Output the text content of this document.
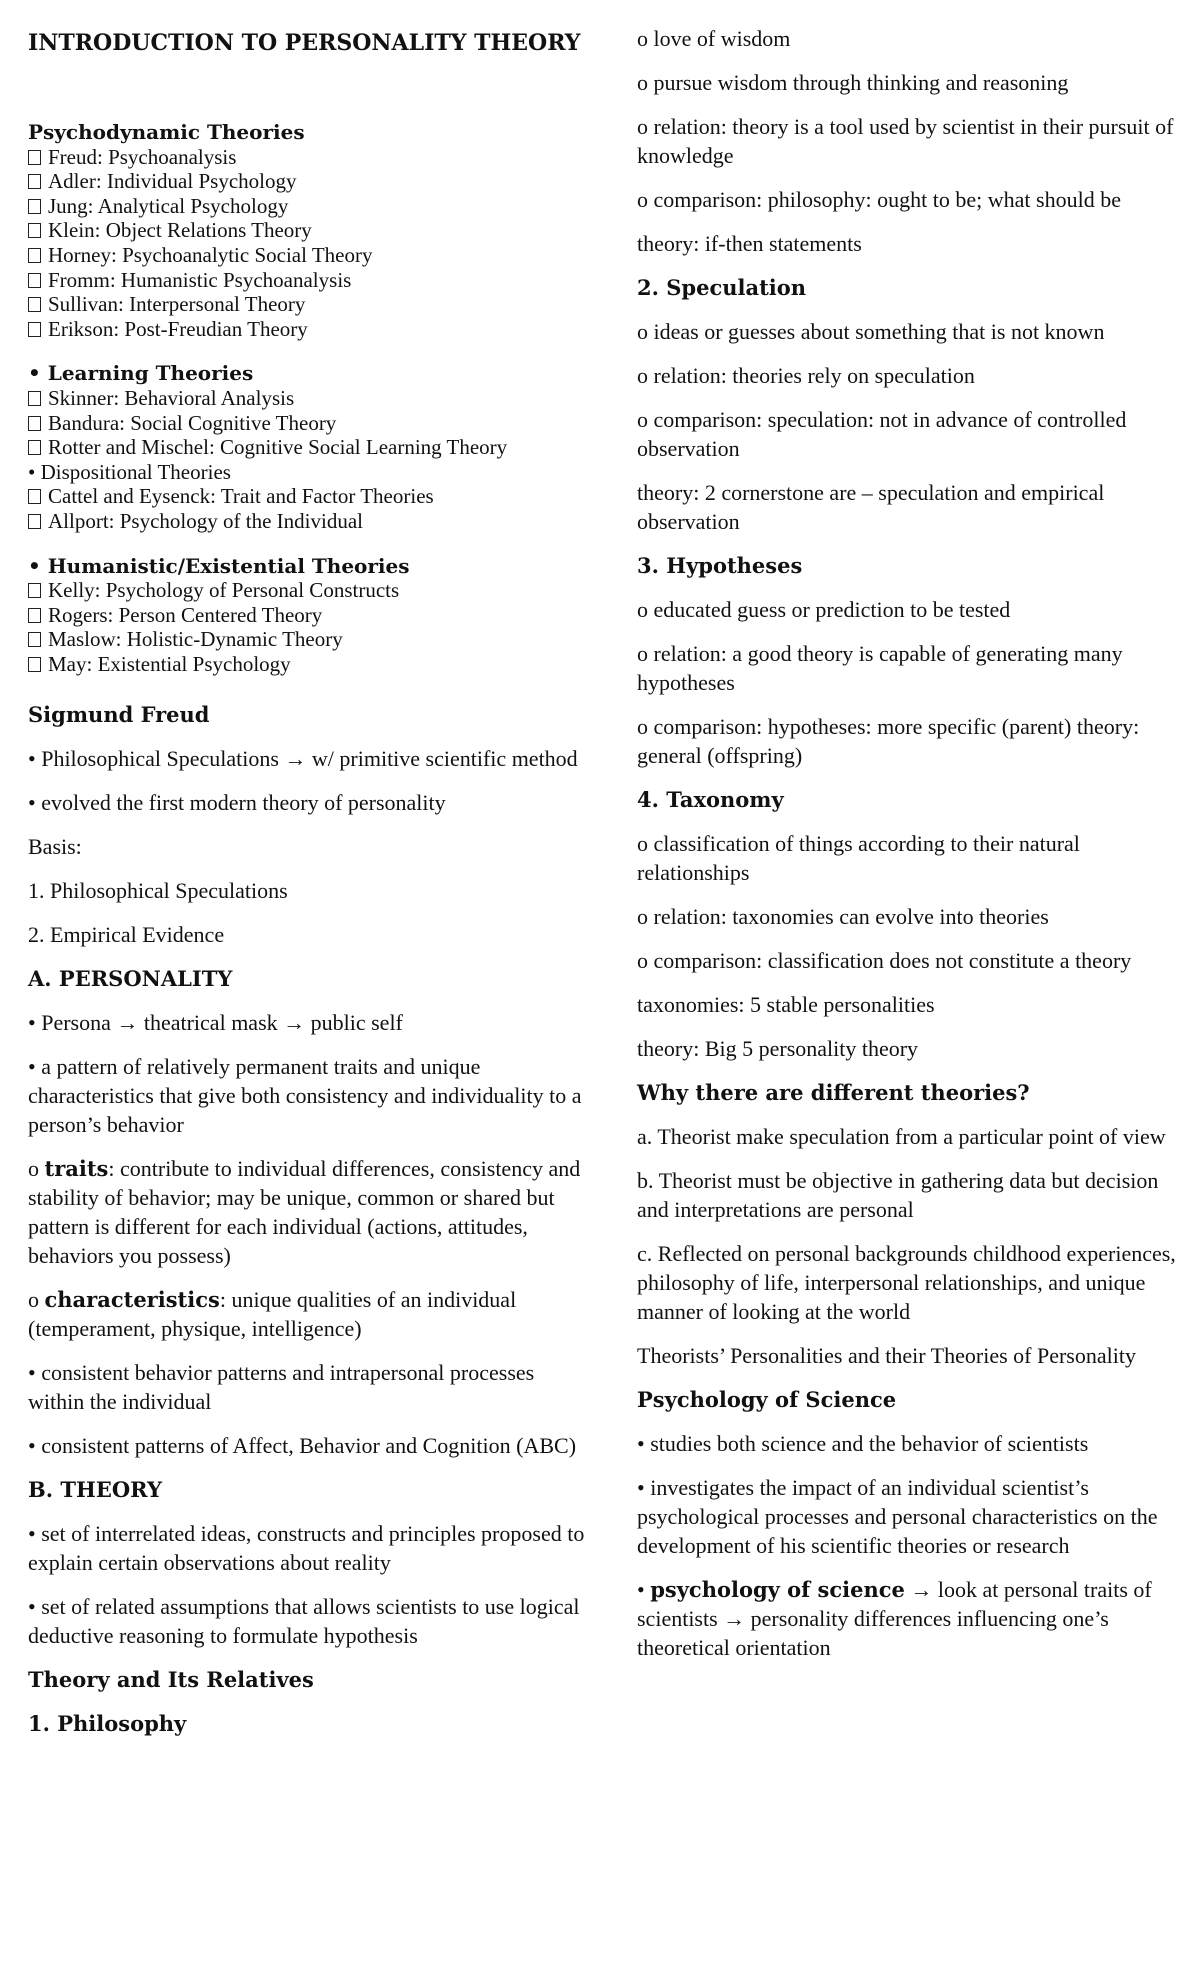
INTRODUCTION TO PERSONALITY THEORY
Psychodynamic Theories
Freud: Psychoanalysis
Adler: Individual Psychology
Jung: Analytical Psychology
Klein: Object Relations Theory
Horney: Psychoanalytic Social Theory
Fromm: Humanistic Psychoanalysis
Sullivan: Interpersonal Theory
Erikson: Post-Freudian Theory
• Learning Theories
Skinner: Behavioral Analysis
Bandura: Social Cognitive Theory
Rotter and Mischel: Cognitive Social Learning Theory
• Dispositional Theories
Cattel and Eysenck: Trait and Factor Theories
Allport: Psychology of the Individual
• Humanistic/Existential Theories
Kelly: Psychology of Personal Constructs
Rogers: Person Centered Theory
Maslow: Holistic-Dynamic Theory
May: Existential Psychology
Sigmund Freud
• Philosophical Speculations → w/ primitive scientific method
• evolved the first modern theory of personality
Basis:
1. Philosophical Speculations
2. Empirical Evidence
A. PERSONALITY
• Persona → theatrical mask → public self
• a pattern of relatively permanent traits and unique characteristics that give both consistency and individuality to a person’s behavior
o traits: contribute to individual differences, consistency and stability of behavior; may be unique, common or shared but pattern is different for each individual (actions, attitudes, behaviors you possess)
o characteristics: unique qualities of an individual (temperament, physique, intelligence)
• consistent behavior patterns and intrapersonal processes within the individual
• consistent patterns of Affect, Behavior and Cognition (ABC)
B. THEORY
• set of interrelated ideas, constructs and principles proposed to explain certain observations about reality
• set of related assumptions that allows scientists to use logical deductive reasoning to formulate hypothesis
Theory and Its Relatives
1. Philosophy
o love of wisdom
o pursue wisdom through thinking and reasoning
o relation: theory is a tool used by scientist in their pursuit of knowledge
o comparison: philosophy: ought to be; what should be
theory: if-then statements
2. Speculation
o ideas or guesses about something that is not known
o relation: theories rely on speculation
o comparison: speculation: not in advance of controlled observation
theory: 2 cornerstone are – speculation and empirical observation
3. Hypotheses
o educated guess or prediction to be tested
o relation: a good theory is capable of generating many hypotheses
o comparison: hypotheses: more specific (parent) theory: general (offspring)
4. Taxonomy
o classification of things according to their natural relationships
o relation: taxonomies can evolve into theories
o comparison: classification does not constitute a theory
taxonomies: 5 stable personalities
theory: Big 5 personality theory
Why there are different theories?
a. Theorist make speculation from a particular point of view
b. Theorist must be objective in gathering data but decision and interpretations are personal
c. Reflected on personal backgrounds childhood experiences, philosophy of life, interpersonal relationships, and unique manner of looking at the world
Theorists’ Personalities and their Theories of Personality
Psychology of Science
• studies both science and the behavior of scientists
• investigates the impact of an individual scientist’s psychological processes and personal characteristics on the development of his scientific theories or research
• psychology of science → look at personal traits of scientists → personality differences influencing one’s theoretical orientation
